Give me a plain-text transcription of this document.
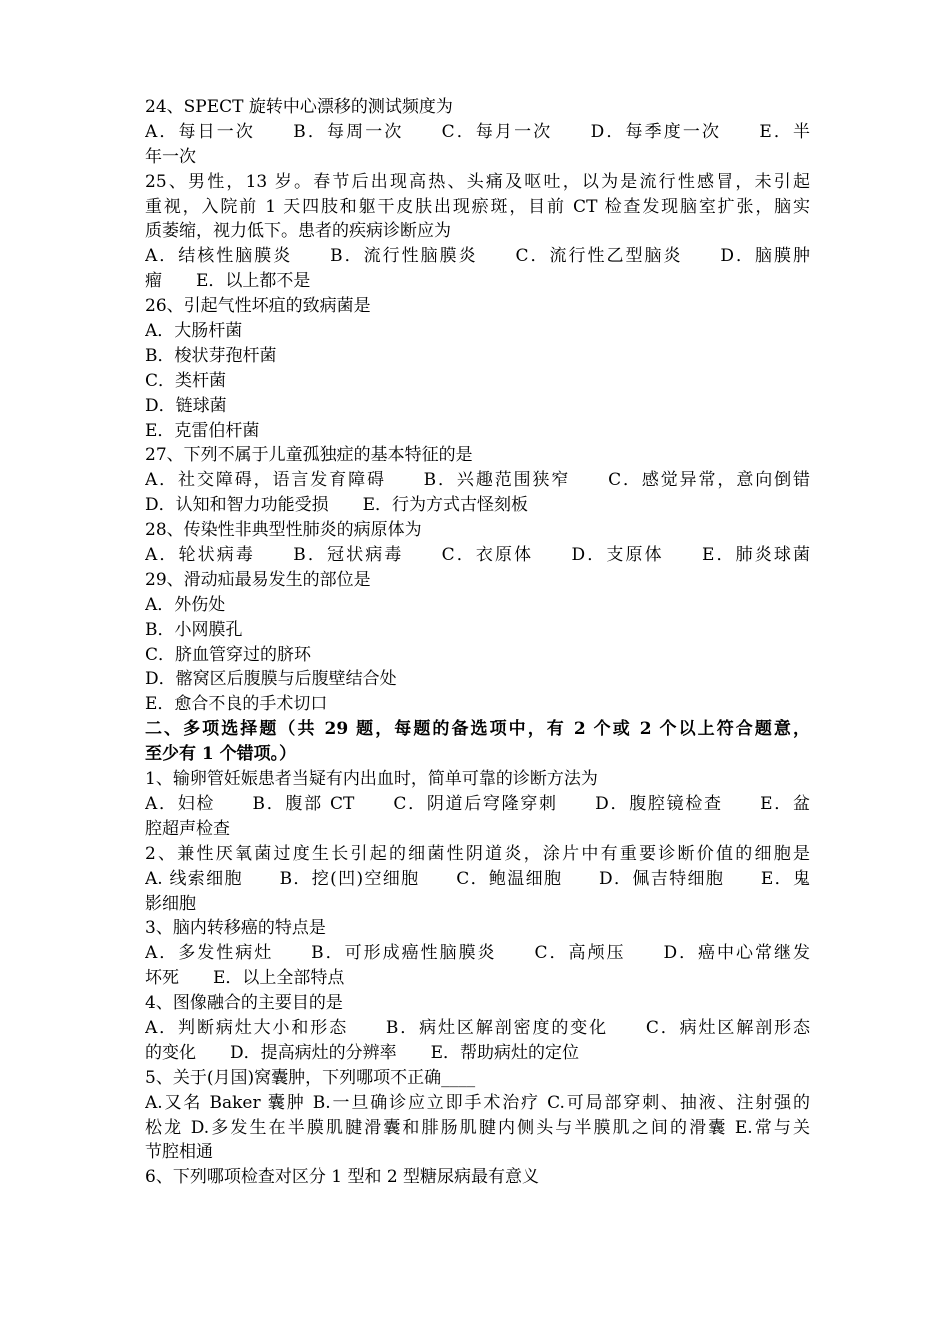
24、SPECT 旋转中心漂移的测试频度为
A．每日一次　　B．每周一次　　C．每月一次　　D．每季度一次　　E．半
年一次
25、男性，13 岁。春节后出现高热、头痛及呕吐，以为是流行性感冒，未引起
重视，入院前 1 天四肢和躯干皮肤出现瘀斑，目前 CT 检查发现脑室扩张，脑实
质萎缩，视力低下。患者的疾病诊断应为
A．结核性脑膜炎　　B．流行性脑膜炎　　C．流行性乙型脑炎　　D．脑膜肿
瘤　　E．以上都不是
26、引起气性坏疽的致病菌是
A．大肠杆菌
B．梭状芽孢杆菌
C．类杆菌
D．链球菌
E．克雷伯杆菌
27、下列不属于儿童孤独症的基本特征的是
A．社交障碍，语言发育障碍　　B．兴趣范围狭窄　　C．感觉异常，意向倒错
D．认知和智力功能受损　　E．行为方式古怪刻板
28、传染性非典型性肺炎的病原体为
A．轮状病毒　　B．冠状病毒　　C．衣原体　　D．支原体　　E．肺炎球菌
29、滑动疝最易发生的部位是
A．外伤处
B．小网膜孔
C．脐血管穿过的脐环
D．髂窝区后腹膜与后腹壁结合处
E．愈合不良的手术切口
二、多项选择题（共 29 题，每题的备选项中，有 2 个或 2 个以上符合题意，
至少有 1 个错项。）
1、输卵管妊娠患者当疑有内出血时，简单可靠的诊断方法为
A．妇检　　B．腹部 CT　　C．阴道后穹隆穿刺　　D．腹腔镜检查　　E．盆
腔超声检查
2、兼性厌氧菌过度生长引起的细菌性阴道炎，涂片中有重要诊断价值的细胞是
A. 线索细胞　　B．挖(凹)空细胞　　C．鲍温细胞　　D．佩吉特细胞　　E．鬼
影细胞
3、脑内转移癌的特点是
A．多发性病灶　　B．可形成癌性脑膜炎　　C．高颅压　　D．癌中心常继发
坏死　　E．以上全部特点
4、图像融合的主要目的是
A．判断病灶大小和形态　　B．病灶区解剖密度的变化　　C．病灶区解剖形态
的变化　　D．提高病灶的分辨率　　E．帮助病灶的定位
5、关于(月国)窝囊肿，下列哪项不正确____
A.又名 Baker 囊肿 B.一旦确诊应立即手术治疗 C.可局部穿刺、抽液、注射强的
松龙 D.多发生在半膜肌腱滑囊和腓肠肌腱内侧头与半膜肌之间的滑囊 E.常与关
节腔相通
6、下列哪项检查对区分 1 型和 2 型糖尿病最有意义
